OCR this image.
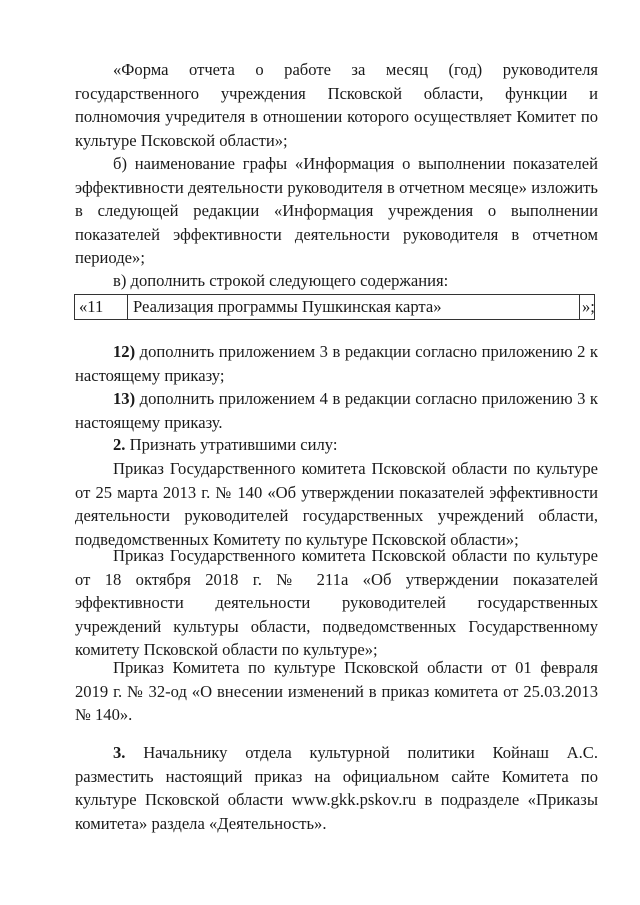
«Форма отчета о работе за месяц (год) руководителя государственного учреждения Псковской области, функции и полномочия учредителя в отношении которого осуществляет Комитет по культуре Псковской области»;

б) наименование графы «Информация о выполнении показателей эффективности деятельности руководителя в отчетном месяце» изложить в следующей редакции «Информация учреждения о выполнении показателей эффективности деятельности руководителя в отчетном периоде»;

в) дополнить строкой следующего содержания:

«11	Реализация программы Пушкинская карта»	»;

12) дополнить приложением 3 в редакции согласно приложению 2 к настоящему приказу;

13) дополнить приложением 4 в редакции согласно приложению 3 к настоящему приказу.

2. Признать утратившими силу:

Приказ Государственного комитета Псковской области по культуре от 25 марта 2013 г. № 140 «Об утверждении показателей эффективности деятельности руководителей государственных учреждений области, подведомственных Комитету по культуре Псковской области»;

Приказ Государственного комитета Псковской области по культуре от 18 октября 2018 г. № 211а «Об утверждении показателей эффективности деятельности руководителей государственных учреждений культуры области, подведомственных Государственному комитету Псковской области по культуре»;

Приказ Комитета по культуре Псковской области от 01 февраля 2019 г. № 32-од «О внесении изменений в приказ комитета от 25.03.2013 № 140».

3. Начальнику отдела культурной политики Койнаш А.С. разместить настоящий приказ на официальном сайте Комитета по культуре Псковской области www.gkk.pskov.ru в подразделе «Приказы комитета» раздела «Деятельность».
